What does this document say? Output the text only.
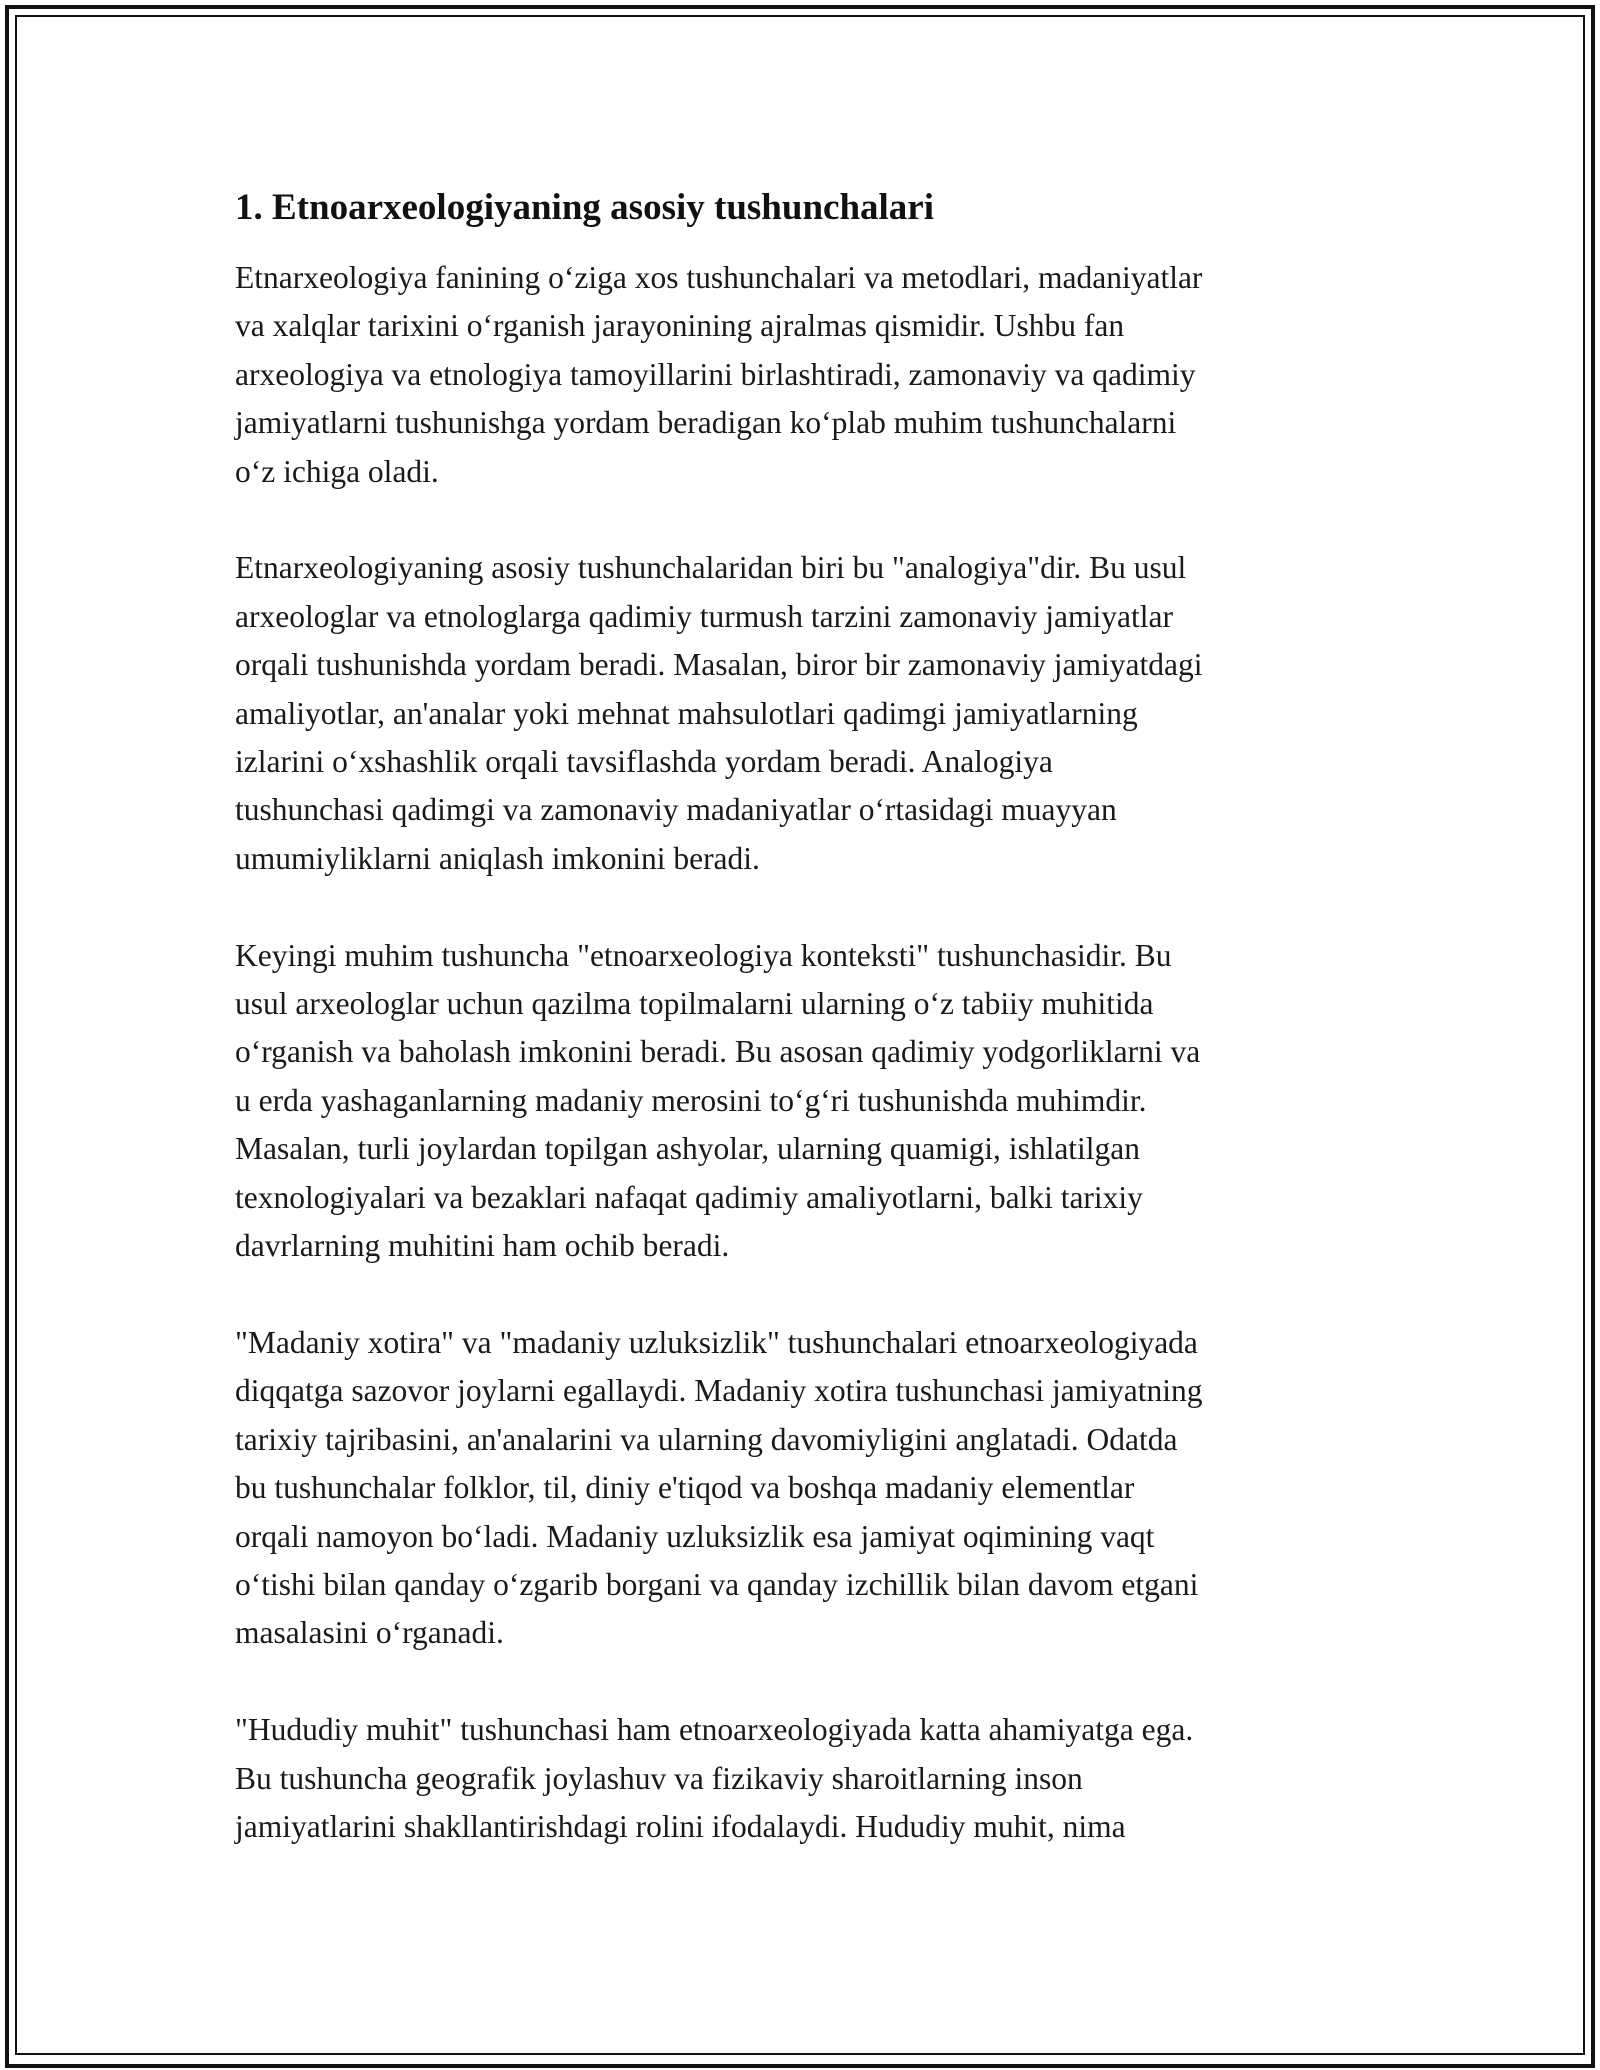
1. Etnoarxeologiyaning asosiy tushunchalari

Etnarxeologiya fanining oʻziga xos tushunchalari va metodlari, madaniyatlar
va xalqlar tarixini oʻrganish jarayonining ajralmas qismidir. Ushbu fan
arxeologiya va etnologiya tamoyillarini birlashtiradi, zamonaviy va qadimiy
jamiyatlarni tushunishga yordam beradigan koʻplab muhim tushunchalarni
oʻz ichiga oladi.

Etnarxeologiyaning asosiy tushunchalaridan biri bu "analogiya"dir. Bu usul
arxeologlar va etnologlarga qadimiy turmush tarzini zamonaviy jamiyatlar
orqali tushunishda yordam beradi. Masalan, biror bir zamonaviy jamiyatdagi
amaliyotlar, an'analar yoki mehnat mahsulotlari qadimgi jamiyatlarning
izlarini oʻxshashlik orqali tavsiflashda yordam beradi. Analogiya
tushunchasi qadimgi va zamonaviy madaniyatlar oʻrtasidagi muayyan
umumiyliklarni aniqlash imkonini beradi.

Keyingi muhim tushuncha "etnoarxeologiya konteksti" tushunchasidir. Bu
usul arxeologlar uchun qazilma topilmalarni ularning oʻz tabiiy muhitida
oʻrganish va baholash imkonini beradi. Bu asosan qadimiy yodgorliklarni va
u erda yashaganlarning madaniy merosini toʻgʻri tushunishda muhimdir.
Masalan, turli joylardan topilgan ashyolar, ularning quamigi, ishlatilgan
texnologiyalari va bezaklari nafaqat qadimiy amaliyotlarni, balki tarixiy
davrlarning muhitini ham ochib beradi.

"Madaniy xotira" va "madaniy uzluksizlik" tushunchalari etnoarxeologiyada
diqqatga sazovor joylarni egallaydi. Madaniy xotira tushunchasi jamiyatning
tarixiy tajribasini, an'analarini va ularning davomiyligini anglatadi. Odatda
bu tushunchalar folklor, til, diniy e'tiqod va boshqa madaniy elementlar
orqali namoyon boʻladi. Madaniy uzluksizlik esa jamiyat oqimining vaqt
oʻtishi bilan qanday oʻzgarib borgani va qanday izchillik bilan davom etgani
masalasini oʻrganadi.

"Hududiy muhit" tushunchasi ham etnoarxeologiyada katta ahamiyatga ega.
Bu tushuncha geografik joylashuv va fizikaviy sharoitlarning inson
jamiyatlarini shakllantirishdagi rolini ifodalaydi. Hududiy muhit, nima
